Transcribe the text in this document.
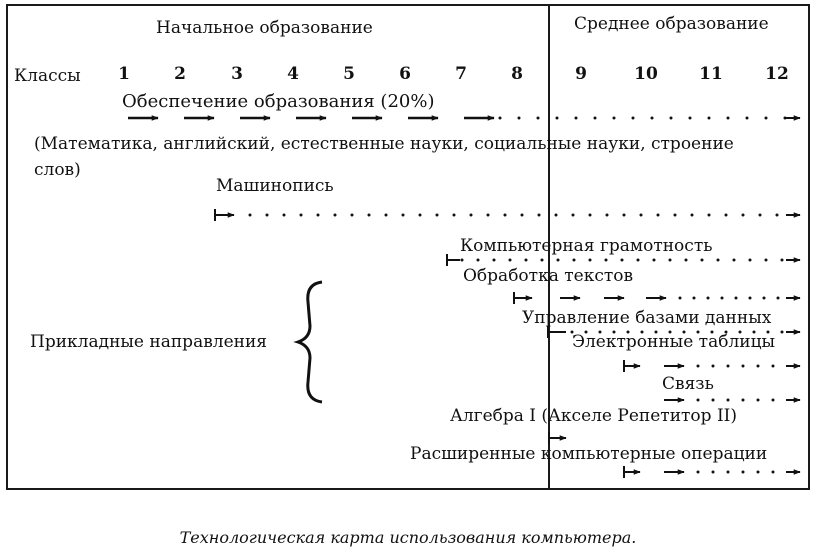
Начальное образование	Среднее образование
Классы	1	2	3	4	5	6	7	8	9	10 11 12
Обеспечение образования (20%)
(Математика, английский, естественные науки, социальные науки, строение
слов)
Машинопись
Компьютерная грамотность
Обработка текстов
Управление базами данных
Электронные таблицы
Связь
Алгебра I (Акселе Репетитор II)
Расширенные компьютерные операции
Прикладные направления
Технологическая карта использования компьютера.
